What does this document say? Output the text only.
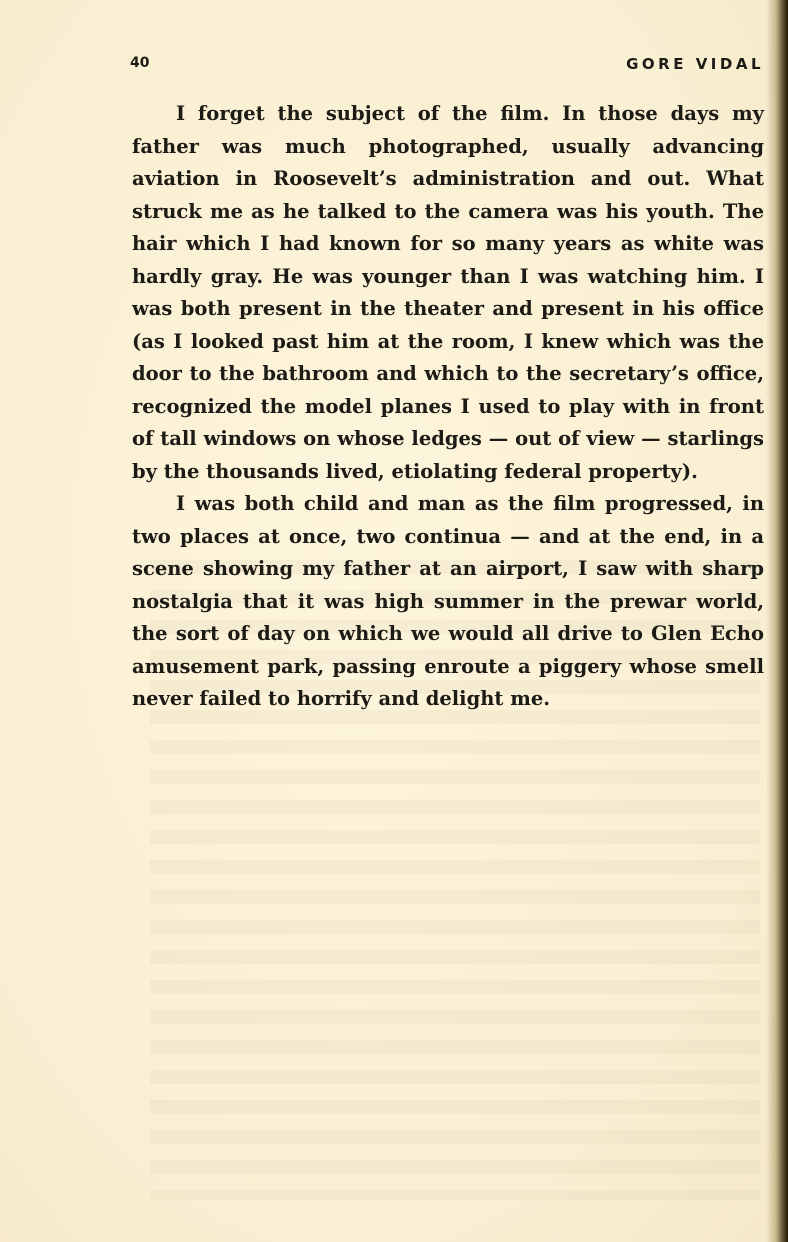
40	GORE VIDAL

I forget the subject of the film. In those days my father was much photographed, usually advancing aviation in Roosevelt’s administration and out. What struck me as he talked to the camera was his youth. The hair which I had known for so many years as white was hardly gray. He was younger than I was watching him. I was both present in the theater and present in his office (as I looked past him at the room, I knew which was the door to the bathroom and which to the secretary’s office, recognized the model planes I used to play with in front of tall windows on whose ledges — out of view — starlings by the thousands lived, etiolating federal property).

I was both child and man as the film progressed, in two places at once, two continua — and at the end, in a scene showing my father at an airport, I saw with sharp nostalgia that it was high summer in the prewar world, the sort of day on which we would all drive to Glen Echo amusement park, passing enroute a piggery whose smell never failed to horrify and delight me.
